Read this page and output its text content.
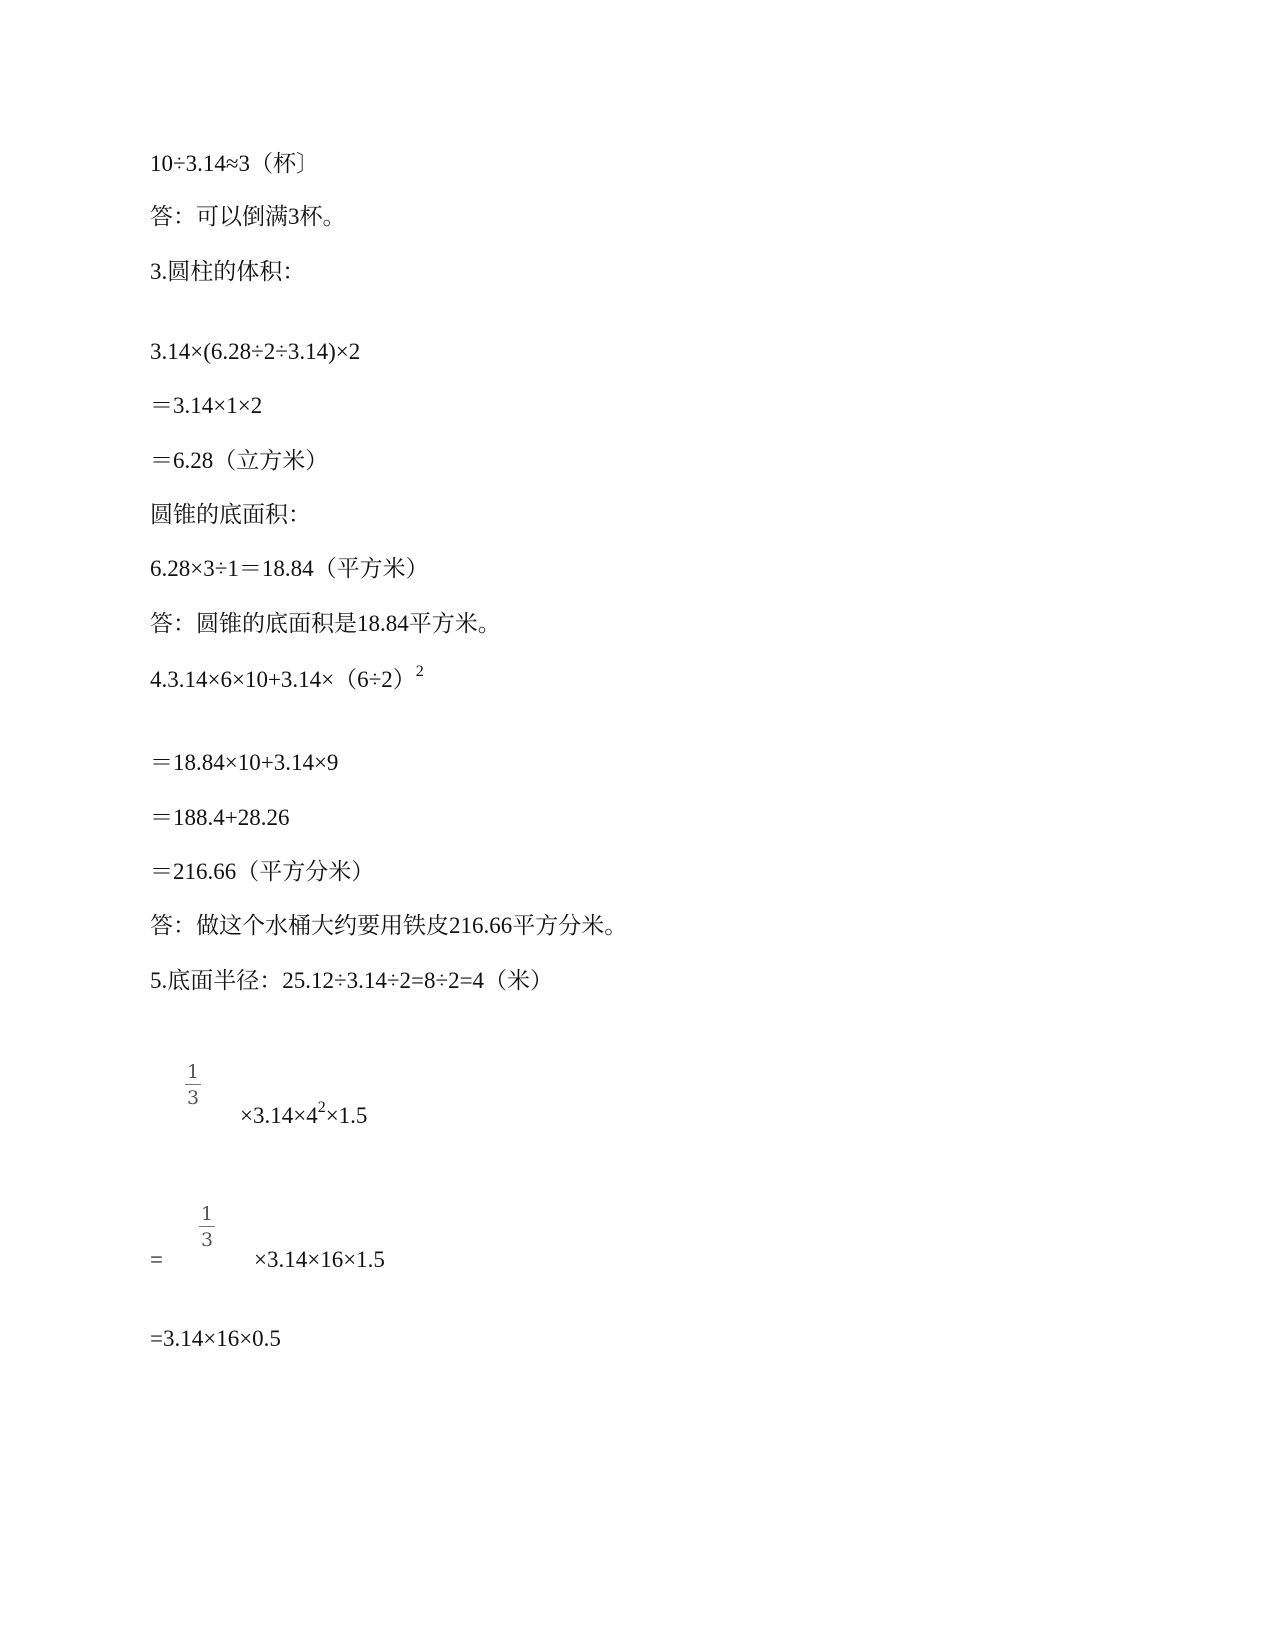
10÷3.14≈3（杯〕

答：可以倒满3杯。

3.圆柱的体积：

3.14×(6.28÷2÷3.14)×2

＝3.14×1×2

＝6.28（立方米）

圆锥的底面积：

6.28×3÷1＝18.84（平方米）

答：圆锥的底面积是18.84平方米。

$4.3.14\times 6\times 10+3.14\times(6\div 2)^2$

＝18.84×10+3.14×9

＝188.4+28.26

＝216.66（平方分米）

答：做这个水桶大约要用铁皮216.66平方分米。

5.底面半径：25.12÷3.14÷2=8÷2=4（米）

1
3

$\times 3.14\times 4^2\times 1.5$

=

1
3

×3.14×16×1.5

=3.14×16×0.5
